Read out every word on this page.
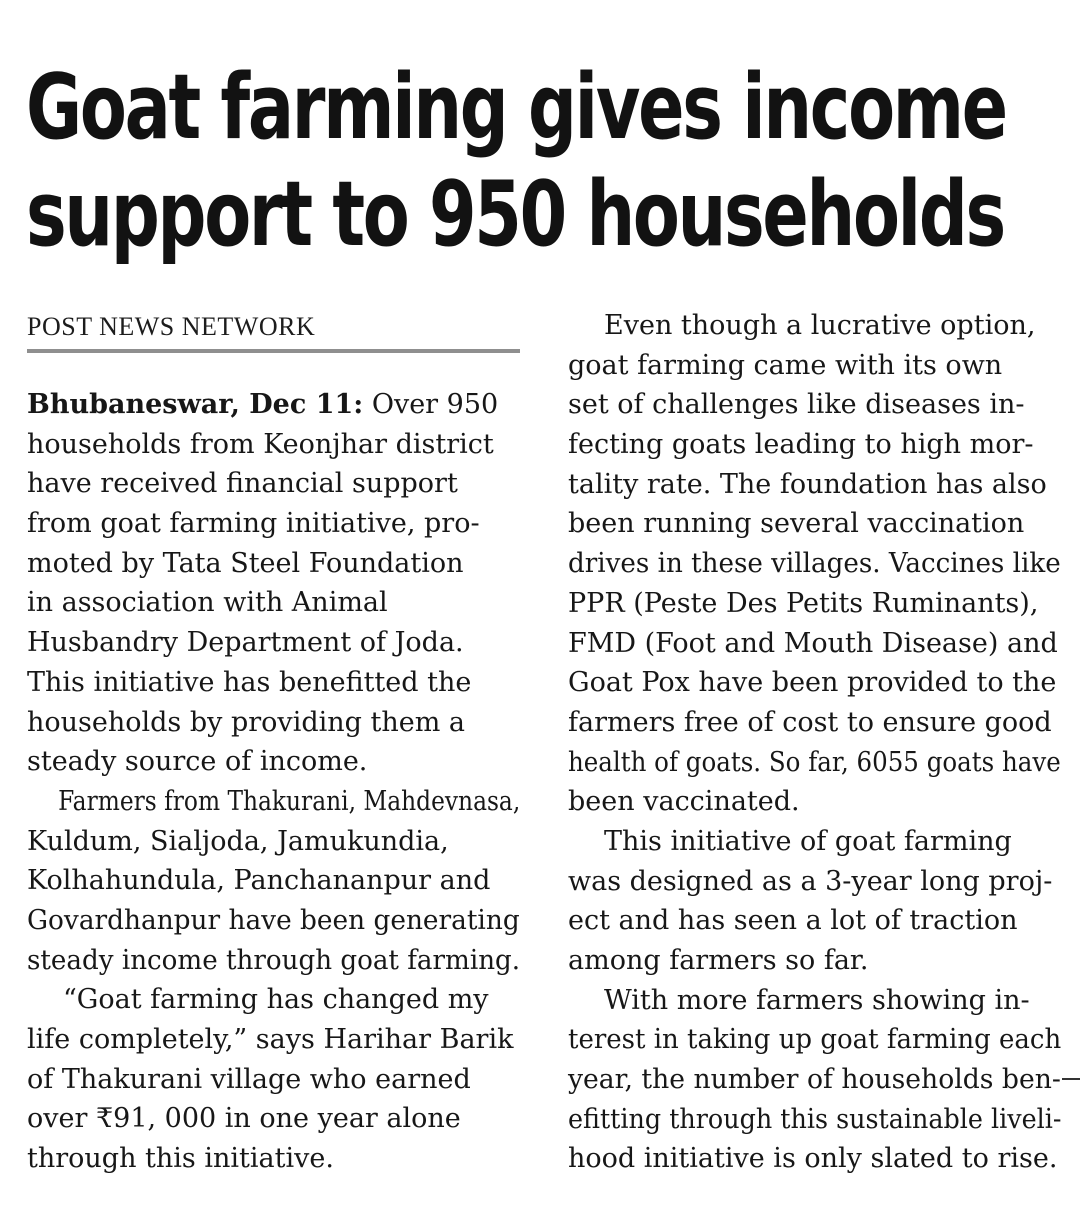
Goat farming gives income
support to 950 households
POST NEWS NETWORK
Bhubaneswar, Dec 11: Over 950
households from Keonjhar district
have received financial support
from goat farming initiative, pro-
moted by Tata Steel Foundation
in association with Animal
Husbandry Department of Joda.
This initiative has benefitted the
households by providing them a
steady source of income.
Farmers from Thakurani, Mahdevnasa,
Kuldum, Sialjoda, Jamukundia,
Kolhahundula, Panchananpur and
Govardhanpur have been generating
steady income through goat farming.
“Goat farming has changed my
life completely,” says Harihar Barik
of Thakurani village who earned
over ₹91, 000 in one year alone
through this initiative.
Even though a lucrative option,
goat farming came with its own
set of challenges like diseases in-
fecting goats leading to high mor-
tality rate. The foundation has also
been running several vaccination
drives in these villages. Vaccines like
PPR (Peste Des Petits Ruminants),
FMD (Foot and Mouth Disease) and
Goat Pox have been provided to the
farmers free of cost to ensure good
health of goats. So far, 6055 goats have
been vaccinated.
This initiative of goat farming
was designed as a 3-year long proj-
ect and has seen a lot of traction
among farmers so far.
With more farmers showing in-
terest in taking up goat farming each
year, the number of households ben-
efitting through this sustainable liveli-
hood initiative is only slated to rise.
